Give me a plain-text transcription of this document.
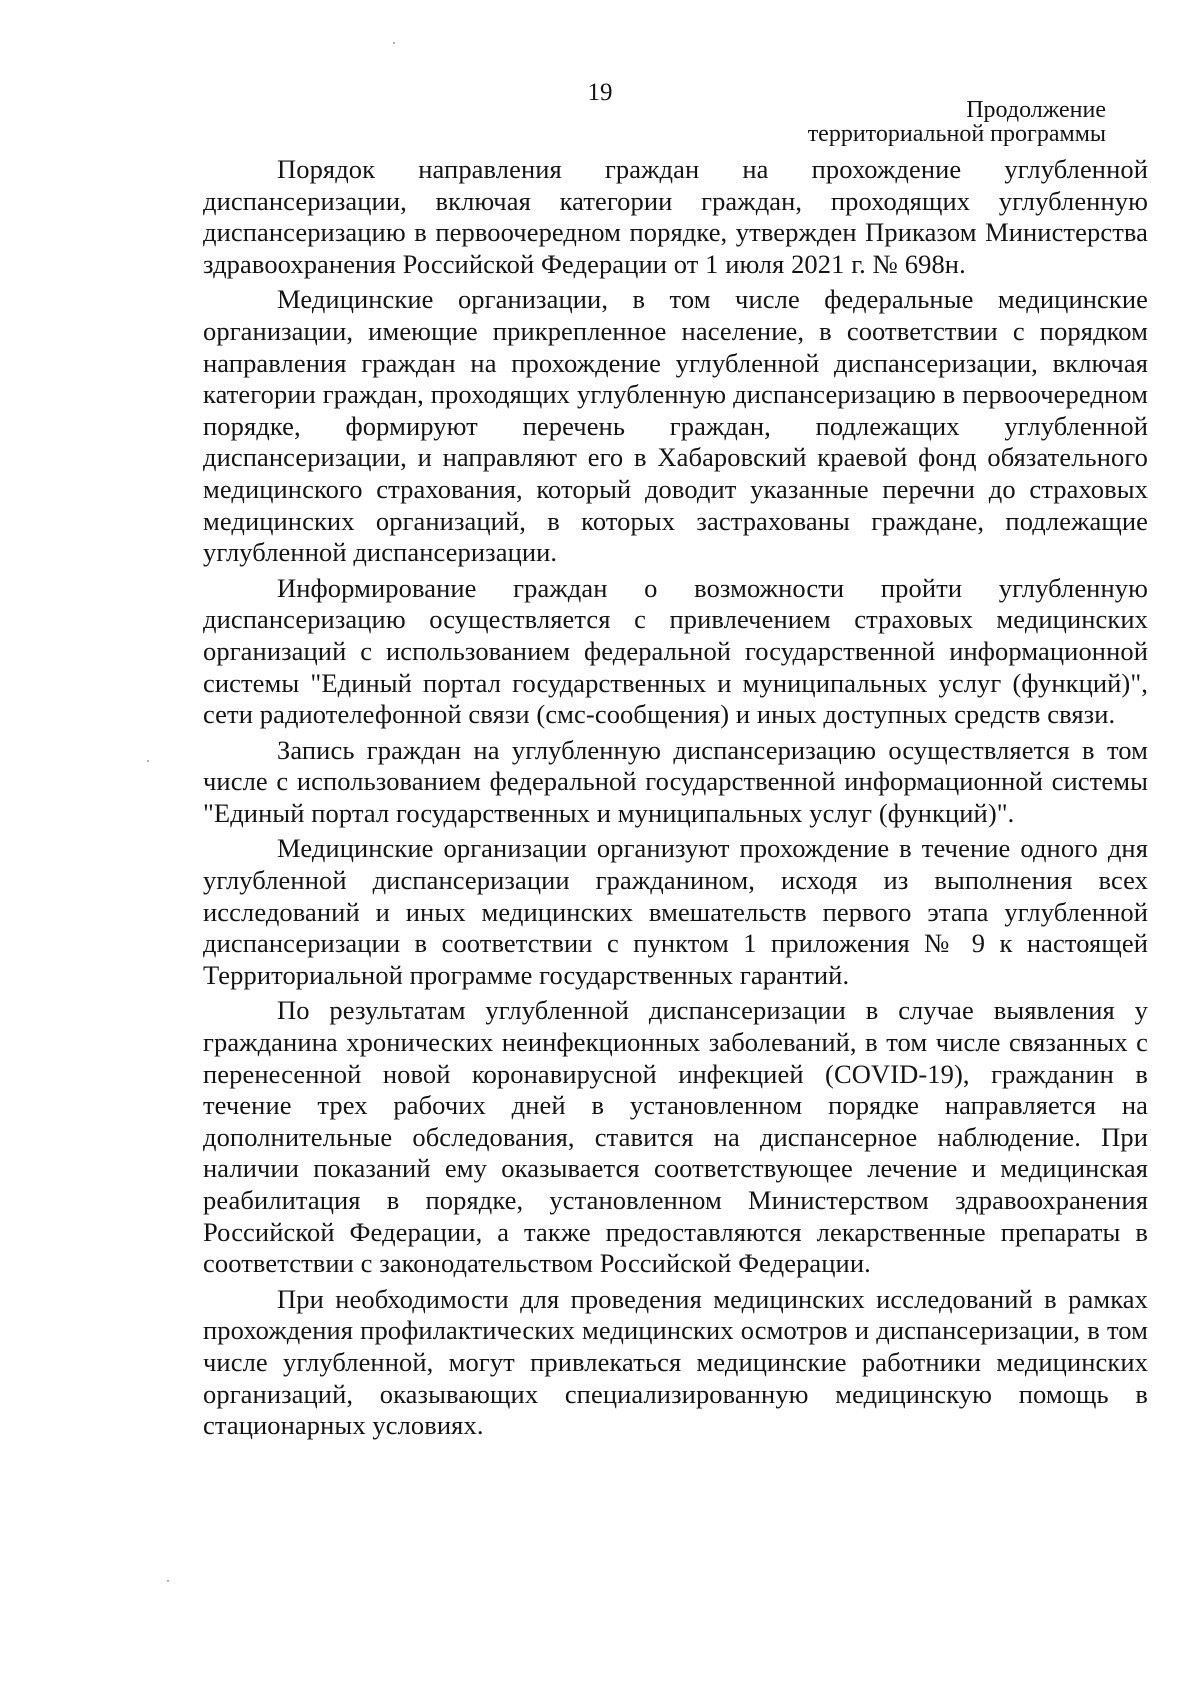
19
Продолжение
территориальной программы

Порядок направления граждан на прохождение углубленной диспансеризации, включая категории граждан, проходящих углубленную диспансеризацию в первоочередном порядке, утвержден Приказом Министерства здравоохранения Российской Федерации от 1 июля 2021 г. № 698н.

Медицинские организации, в том числе федеральные медицинские организации, имеющие прикрепленное население, в соответствии с порядком направления граждан на прохождение углубленной диспансеризации, включая категории граждан, проходящих углубленную диспансеризацию в первоочередном порядке, формируют перечень граждан, подлежащих углубленной диспансеризации, и направляют его в Хабаровский краевой фонд обязательного медицинского страхования, который доводит указанные перечни до страховых медицинских организаций, в которых застрахованы граждане, подлежащие углубленной диспансеризации.

Информирование граждан о возможности пройти углубленную диспансеризацию осуществляется с привлечением страховых медицинских организаций с использованием федеральной государственной информационной системы "Единый портал государственных и муниципальных услуг (функций)", сети радиотелефонной связи (смс-сообщения) и иных доступных средств связи.

Запись граждан на углубленную диспансеризацию осуществляется в том числе с использованием федеральной государственной информационной системы "Единый портал государственных и муниципальных услуг (функций)".

Медицинские организации организуют прохождение в течение одного дня углубленной диспансеризации гражданином, исходя из выполнения всех исследований и иных медицинских вмешательств первого этапа углубленной диспансеризации в соответствии с пунктом 1 приложения № 9 к настоящей Территориальной программе государственных гарантий.

По результатам углубленной диспансеризации в случае выявления у гражданина хронических неинфекционных заболеваний, в том числе связанных с перенесенной новой коронавирусной инфекцией (COVID-19), гражданин в течение трех рабочих дней в установленном порядке направляется на дополнительные обследования, ставится на диспансерное наблюдение. При наличии показаний ему оказывается соответствующее лечение и медицинская реабилитация в порядке, установленном Министерством здравоохранения Российской Федерации, а также предоставляются лекарственные препараты в соответствии с законодательством Российской Федерации.

При необходимости для проведения медицинских исследований в рамках прохождения профилактических медицинских осмотров и диспансеризации, в том числе углубленной, могут привлекаться медицинские работники медицинских организаций, оказывающих специализированную медицинскую помощь в стационарных условиях.
